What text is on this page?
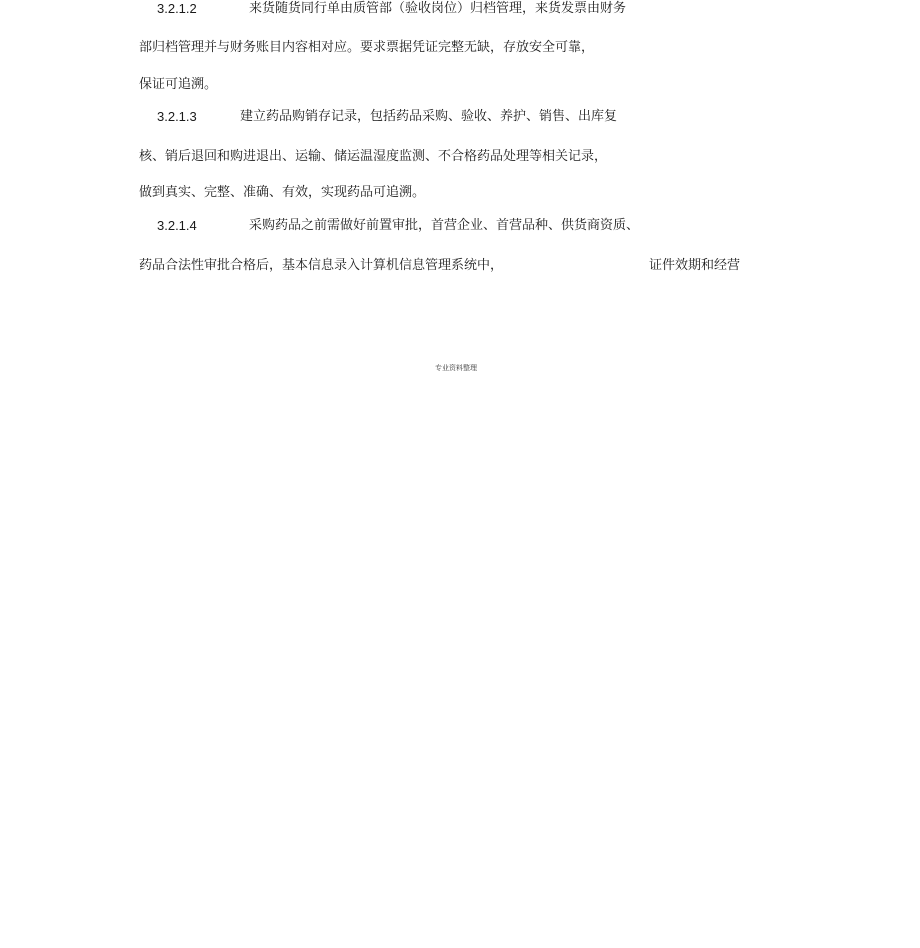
3.2.1.2	来货随货同行单由质管部（验收岗位）归档管理，来货发票由财务
部归档管理并与财务账目内容相对应。要求票据凭证完整无缺，存放安全可靠，
保证可追溯。
3.2.1.3	建立药品购销存记录，包括药品采购、验收、养护、销售、出库复
核、销后退回和购进退出、运输、储运温湿度监测、不合格药品处理等相关记录，
做到真实、完整、准确、有效，实现药品可追溯。
3.2.1.4	采购药品之前需做好前置审批，首营企业、首营品种、供货商资质、
药品合法性审批合格后，基本信息录入计算机信息管理系统中，	证件效期和经营
专业资料整理
